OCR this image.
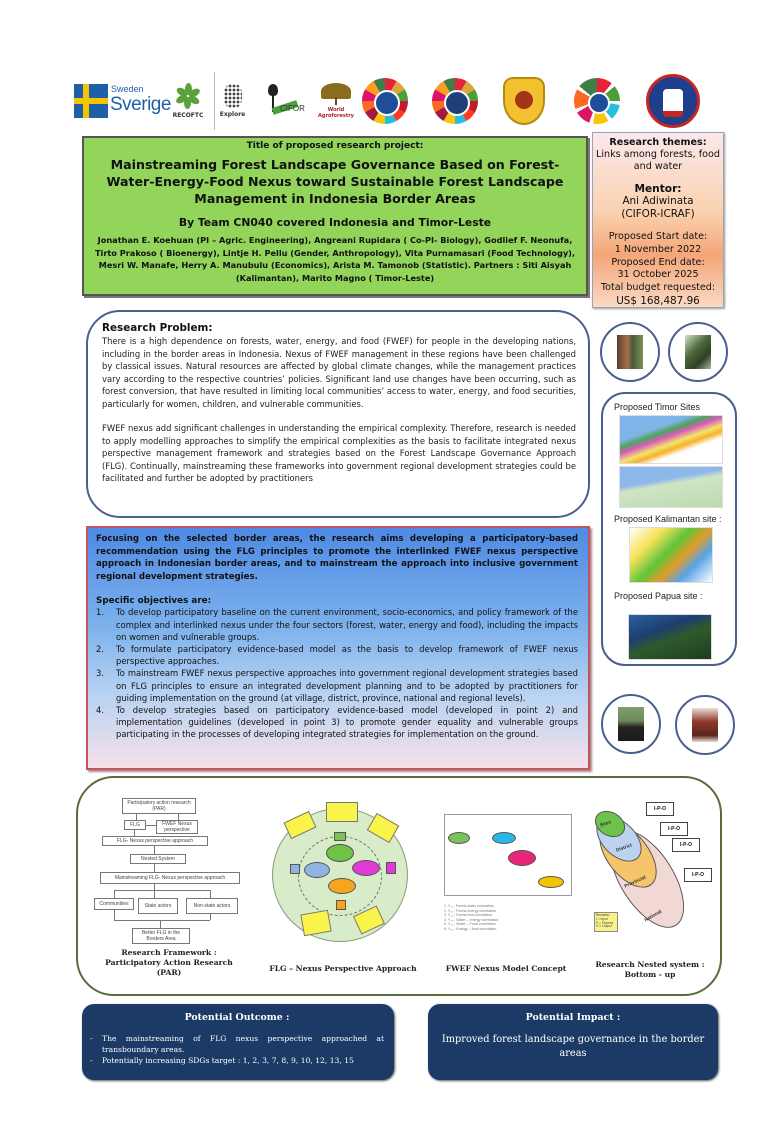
Sweden
Sverige
RECOFTC	Explore
CIFOR	World Agroforestry
Title of proposed research project:
Mainstreaming Forest Landscape Governance Based on Forest-Water-Energy-Food Nexus toward Sustainable Forest Landscape Management in Indonesia Border Areas
By Team CN040 covered Indonesia and Timor-Leste
Jonathan E. Koehuan (PI – Agric. Engineering), Angreani Rupidara ( Co-PI- Biology), Godlief F. Neonufa, Tirto Prakoso ( Bioenergy), Lintje H. Pellu (Gender, Anthropology), Vita Purnamasari (Food Technology), Mesri W. Manafe, Herry A. Manubulu (Economics), Arista M. Tamonob (Statistic). Partners : Siti Aisyah (Kalimantan), Marito Magno ( Timor-Leste)
Research themes:
Links among forests, food and water
Mentor:
Ani Adiwinata
(CIFOR-ICRAF)
Proposed Start date:
1 November 2022
Proposed End date:
31 October 2025
Total budget requested:
US$ 168,487.96
Research Problem:

There is a high dependence on forests, water, energy, and food (FWEF) for people in the developing nations, including in the border areas in Indonesia. Nexus of FWEF management in these regions have been challenged by classical issues. Natural resources are affected by global climate changes, while the management practices vary according to the respective countries’ policies. Significant land use changes have been occurring, such as forest conversion, that have resulted in limiting local communities’ access to water, energy, and food securities, particularly for women, children, and vulnerable communities.

FWEF nexus add significant challenges in understanding the empirical complexity. Therefore, research is needed to apply modelling approaches to simplify the empirical complexities as the basis to facilitate integrated nexus perspective management framework and strategies based on the Forest Landscape Governance Approach (FLG). Continually, mainstreaming these frameworks into government regional development strategies could be facilitated and further be adopted by practitioners

Focusing on the selected border areas, the research aims developing a participatory-based recommendation using the FLG principles to promote the interlinked FWEF nexus perspective approach in Indonesian border areas, and to mainstream the approach into inclusive government regional development strategies.
Specific objectives are:
1.	To develop participatory baseline on the current environment, socio-economics, and policy framework of the complex and interlinked nexus under the four sectors (forest, water, energy and food), including the impacts on women and vulnerable groups.
2.	To formulate participatory evidence-based model as the basis to develop framework of FWEF nexus perspective approaches.
3.	To mainstream FWEF nexus perspective approaches into government regional development strategies based on FLG principles to ensure an integrated development planning and to be adopted by practitioners for guiding implementation on the ground (at village, district, province, national and regional levels).
4.	To develop strategies based on participatory evidence-based model (developed in point 2) and implementation guidelines (developed in point 3) to promote gender equality and vulnerable groups participating in the processes of developing integrated strategies for implementation on the ground.
Proposed Timor Sites
Proposed Kalimantan site :
Proposed Papua site :
Participatory action research (PAR)
FLG	FWEF Nexus perspective
FLG- Nexus perspective approach
Nested System
Mainstreaming FLG- Nexus perspective approach
Communities	State actors	Non-state actors
Better FLG in the Borders Area
Research Framework :
Participatory Action Research (PAR)	FLG – Nexus Perspective Approach
1. Y₁₂ ; Forest-water correlation
2. Y₁₃ ; Forest-energy correlation
3. Y₁₄ ; Forest-food correlation
4. Y₂₃ ; Water – energy correlation
5. Y₂₄ ; Water – Food correlation
6. Y₃₄ ; Energy – food correlation
FWEF Nexus Model Concept
Sites
District
Provincial
National
I-P-O
I-P-O
I-P-O
I-P-O
Remarks:
I = Input
P = Process
O = Output
Research Nested system :
Bottom - up
Potential Outcome :
-	The mainstreaming of FLG nexus perspective approached at transboundary areas.
-	Potentially increasing SDGs target : 1, 2, 3, 7, 8, 9, 10, 12, 13, 15
Potential Impact :
Improved forest landscape governance in the border areas
